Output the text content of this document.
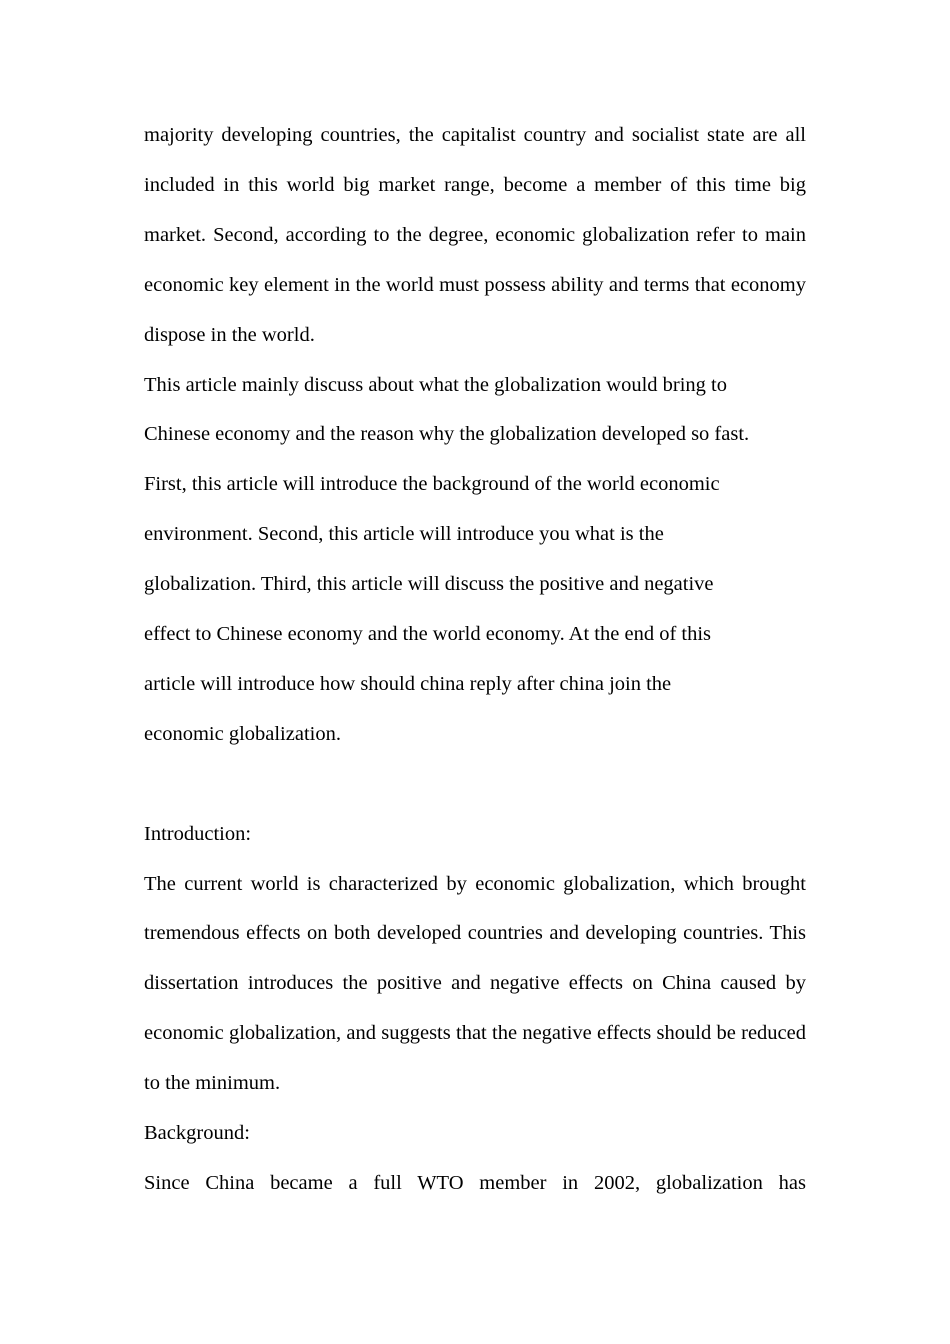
majority developing countries, the capitalist country and socialist state are all included in this world big market range, become a member of this time big market. Second, according to the degree, economic globalization refer to main economic key element in the world must possess ability and terms that economy dispose in the world.

This article mainly discuss about what the globalization would bring to
Chinese economy and the reason why the globalization developed so fast.
First, this article will introduce the background of the world economic
environment. Second, this article will introduce you what is the
globalization. Third, this article will discuss the positive and negative
effect to Chinese economy and the world economy. At the end of this
article will introduce how should china reply after china join the
economic globalization.

Introduction:

The current world is characterized by economic globalization, which brought tremendous effects on both developed countries and developing countries. This dissertation introduces the positive and negative effects on China caused by economic globalization, and suggests that the negative effects should be reduced to the minimum.

Background:

Since China became a full WTO member in 2002, globalization has
